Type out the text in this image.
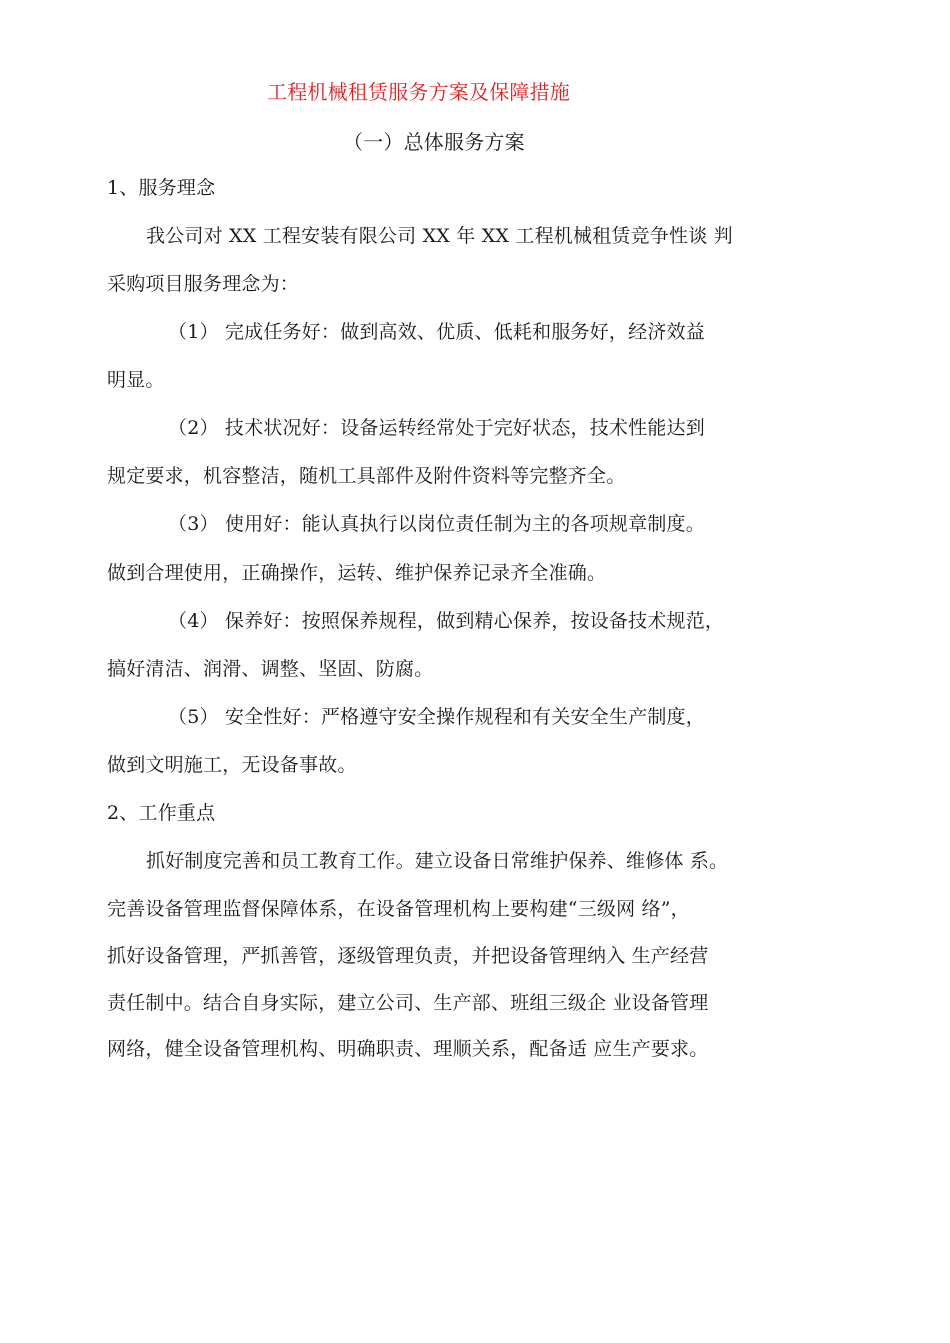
工程机械租赁服务方案及保障措施
（一）总体服务方案
1、服务理念
我公司对 XX 工程安装有限公司 XX 年 XX 工程机械租赁竞争性谈 判
采购项目服务理念为：
（1） 完成任务好：做到高效、优质、低耗和服务好，经济效益
明显。
（2） 技术状况好：设备运转经常处于完好状态，技术性能达到
规定要求，机容整洁，随机工具部件及附件资料等完整齐全。
（3） 使用好：能认真执行以岗位责任制为主的各项规章制度。
做到合理使用，正确操作，运转、维护保养记录齐全准确。
（4） 保养好：按照保养规程，做到精心保养，按设备技术规范，
搞好清洁、润滑、调整、坚固、防腐。
（5） 安全性好：严格遵守安全操作规程和有关安全生产制度，
做到文明施工，无设备事故。
2、工作重点
抓好制度完善和员工教育工作。建立设备日常维护保养、维修体 系。
完善设备管理监督保障体系，在设备管理机构上要构建“三级网 络”，
抓好设备管理，严抓善管，逐级管理负责，并把设备管理纳入 生产经营
责任制中。结合自身实际，建立公司、生产部、班组三级企 业设备管理
网络，健全设备管理机构、明确职责、理顺关系，配备适 应生产要求。
